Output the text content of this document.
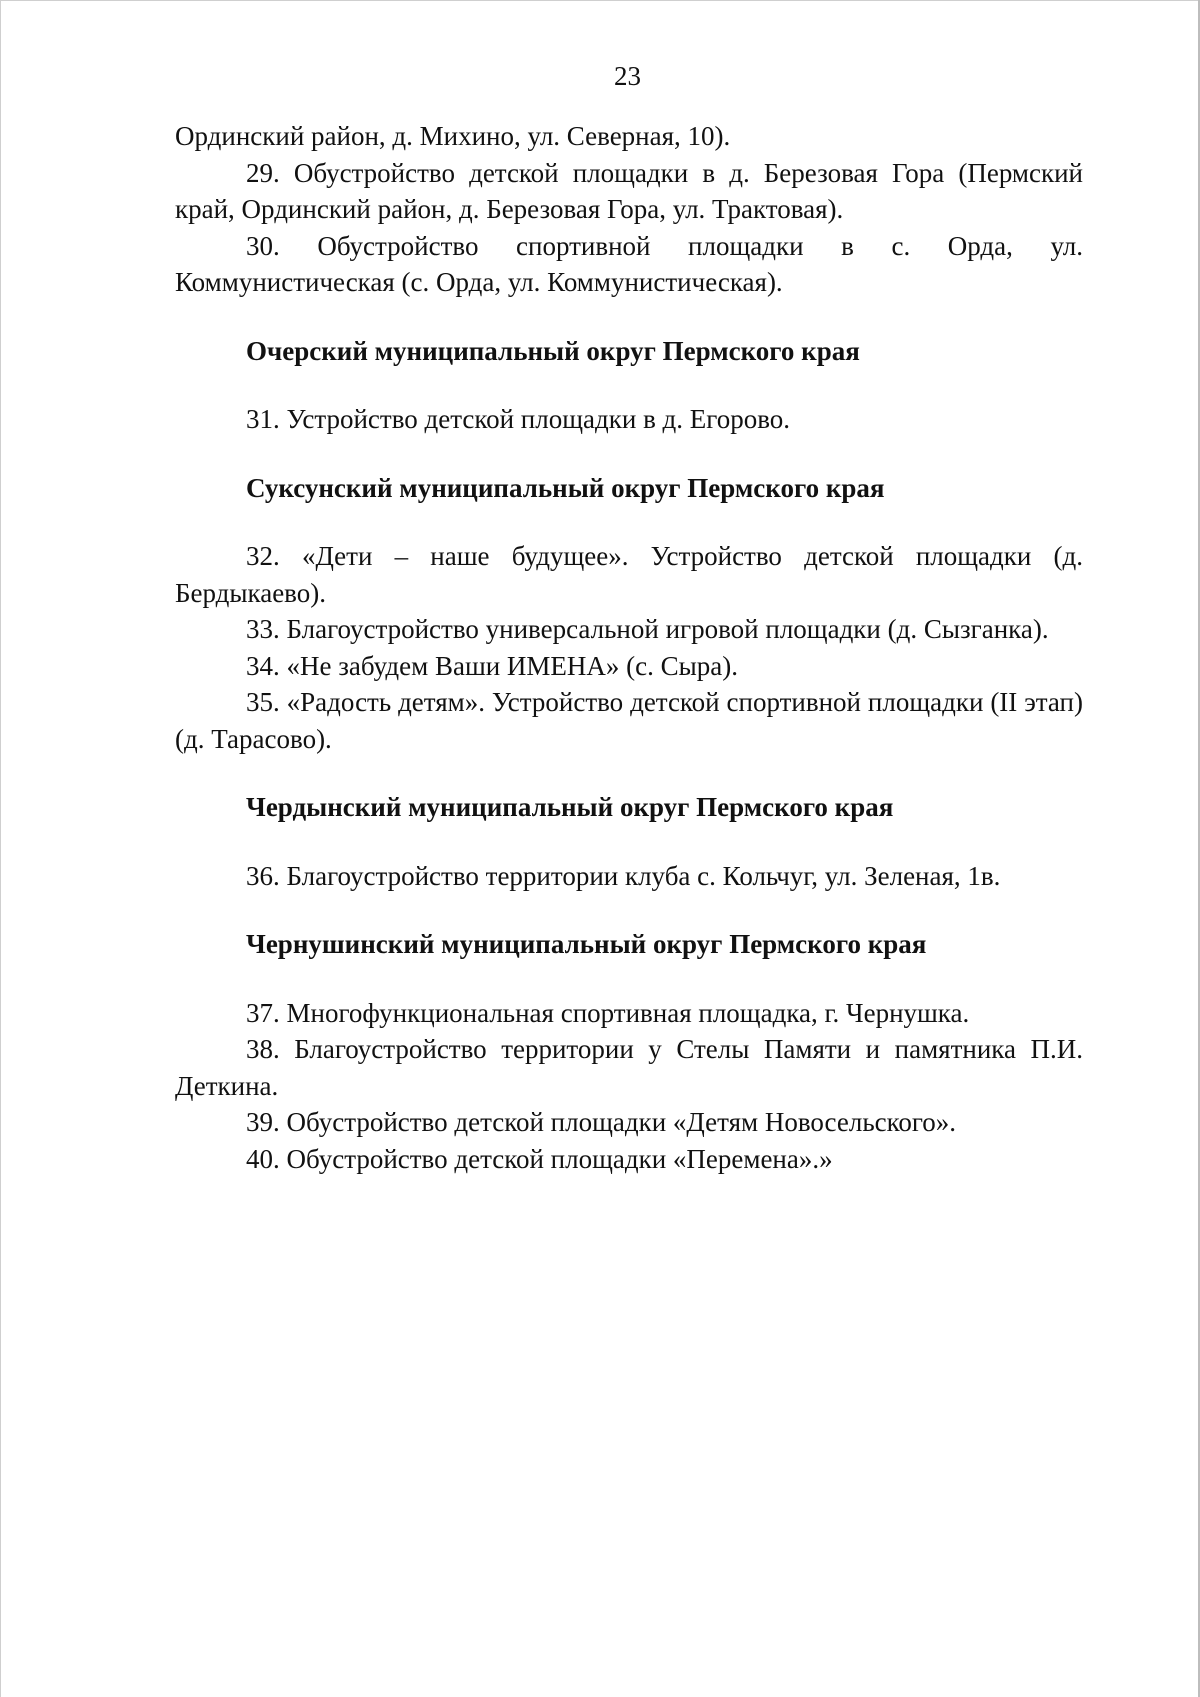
23

Ординский район, д. Михино, ул. Северная, 10).

29. Обустройство детской площадки в д. Березовая Гора (Пермский край, Ординский район, д. Березовая Гора, ул. Трактовая).

30. Обустройство спортивной площадки в с. Орда, ул. Коммунистическая (с. Орда, ул. Коммунистическая).

Очерский муниципальный округ Пермского края

31. Устройство детской площадки в д. Егорово.

Суксунский муниципальный округ Пермского края

32. «Дети – наше будущее». Устройство детской площадки (д. Бердыкаево).

33. Благоустройство универсальной игровой площадки (д. Сызганка).

34. «Не забудем Ваши ИМЕНА» (с. Сыра).

35. «Радость детям». Устройство детской спортивной площадки (II этап) (д. Тарасово).

Чердынский муниципальный округ Пермского края

36. Благоустройство территории клуба с. Кольчуг, ул. Зеленая, 1в.

Чернушинский муниципальный округ Пермского края

37. Многофункциональная спортивная площадка, г. Чернушка.

38. Благоустройство территории у Стелы Памяти и памятника П.И. Деткина.

39. Обустройство детской площадки «Детям Новосельского».

40. Обустройство детской площадки «Перемена».»
